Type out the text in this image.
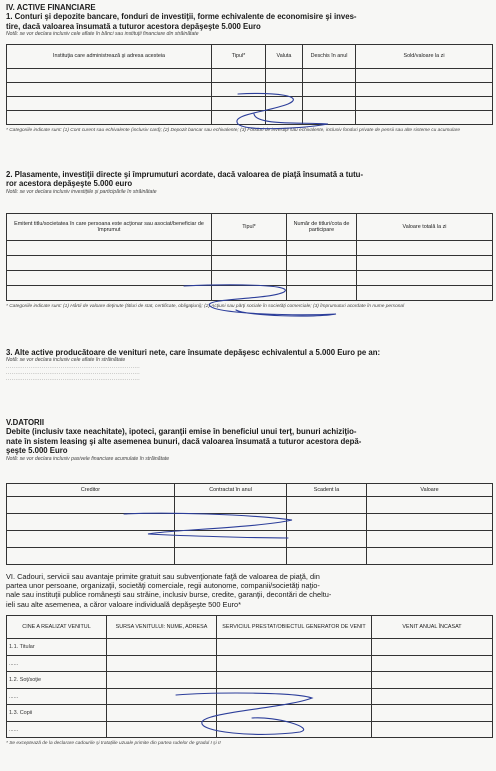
IV. ACTIVE FINANCIARE

1. Conturi şi depozite bancare, fonduri de investiţii, forme echivalente de economisire şi inves-

tire, dacă valoarea însumată a tuturor acestora depăşeşte 5.000 Euro

Notă: se vor declara inclusiv cele aflate în bănci sau instituţii financiare din străinătate

Instituţia care administrează şi adresa acesteia	Tipul*	Valuta	Deschis în anul	Sold/valoare la zi

* Categoriile indicate sunt: (1) Cont curent sau echivalente (inclusiv card); (2) Depozit bancar sau echivalente; (3) Fonduri de investiţii sau echivalente, inclusiv fonduri private de pensii sau alte sisteme cu acumulare

2. Plasamente, investiţii directe şi împrumuturi acordate, dacă valoarea de piaţă însumată a tutu-

ror acestora depăşeşte 5.000 euro

Notă: se vor declara inclusiv investiţiile şi participările în străinătate

Emitent titlu/societatea în care persoana este acţionar sau asociat/beneficiar de împrumut	Tipul*	Număr de titluri/cota de participare	Valoare totală la zi

* Categoriile indicate sunt: (1) Hârtii de valoare deţinute (titluri de stat, certificate, obligaţiuni); (2) Acţiuni sau părţi sociale în societăţi comerciale; (3) Împrumuturi acordate în nume personal

3. Alte active producătoare de venituri nete, care însumate depăşesc echivalentul a 5.000 Euro pe an:

Notă: se vor declara inclusiv cele aflate în străinătate

.......................................................................

.......................................................................

.......................................................................

V.DATORII

Debite (inclusiv taxe neachitate), ipoteci, garanţii emise în beneficiul unui terţ, bunuri achiziţio-

nate în sistem leasing şi alte asemenea bunuri, dacă valoarea însumată a tuturor acestora depă-

şeşte 5.000 Euro

Notă: se vor declara inclusiv pasivele financiare acumulate în străinătate

Creditor	Contractat în anul	Scadent la	Valoare

VI. Cadouri, servicii sau avantaje primite gratuit sau subvenţionate faţă de valoarea de piaţă, din

partea unor persoane, organizaţii, societăţi comerciale, regii autonome, companii/societăţi naţio-

nale sau instituţii publice româneşti sau străine, inclusiv burse, credite, garanţii, decontări de cheltu-

ieli sau alte asemenea, a căror valoare individuală depăşeşte 500 Euro*

CINE A REALIZAT VENITUL	SURSA VENITULUI: NUME, ADRESA	SERVICIUL PRESTAT/OBIECTUL GENERATOR DE VENIT	VENIT ANUAL ÎNCASAT
1.1. Titular			
......			
1.2. Soţ/soţie			
......			
1.3. Copii			
......			

* Se exceptează de la declarare cadourile şi tratațiile uzuale primite din partea rudelor de gradul I şi II
